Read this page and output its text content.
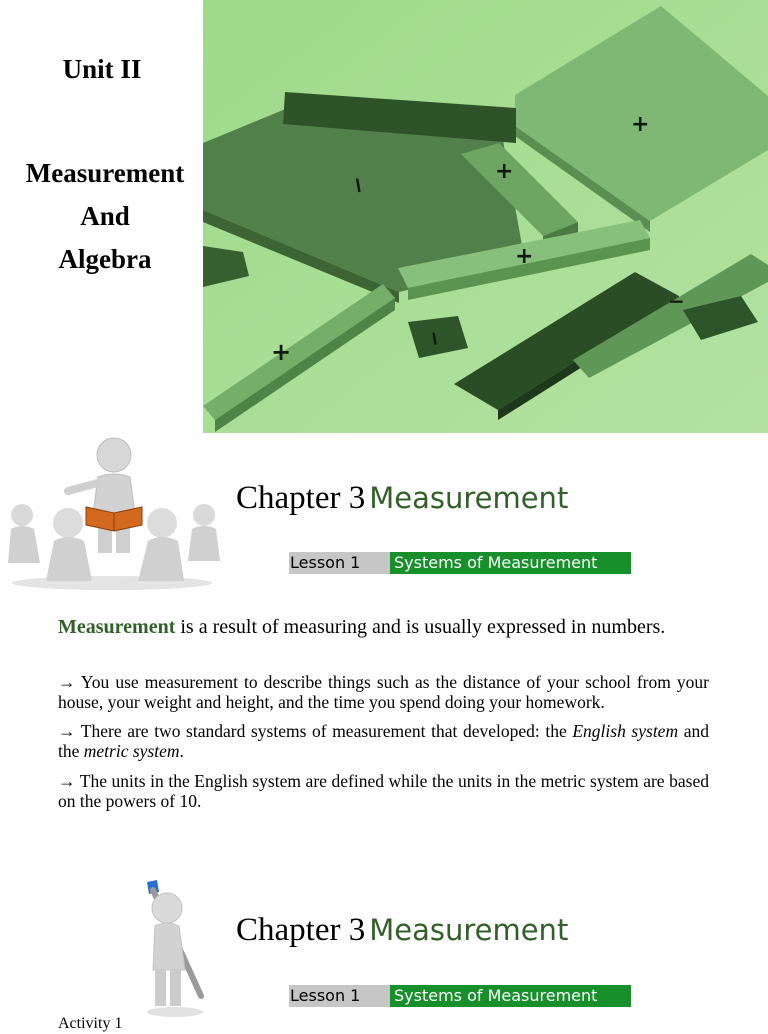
Unit II
Measurement
And
Algebra
+
−
+
+
−
+
−
Chapter 3 Measurement
Lesson 1	Systems of Measurement
Measurement is a result of measuring and is usually expressed in numbers.
→ You use measurement to describe things such as the distance of your school from your house, your weight and height, and the time you spend doing your homework.
→ There are two standard systems of measurement that developed: the English system and the metric system.
→ The units in the English system are defined while the units in the metric system are based on the powers of 10.
Chapter 3 Measurement
Lesson 1	Systems of Measurement
Activity 1
